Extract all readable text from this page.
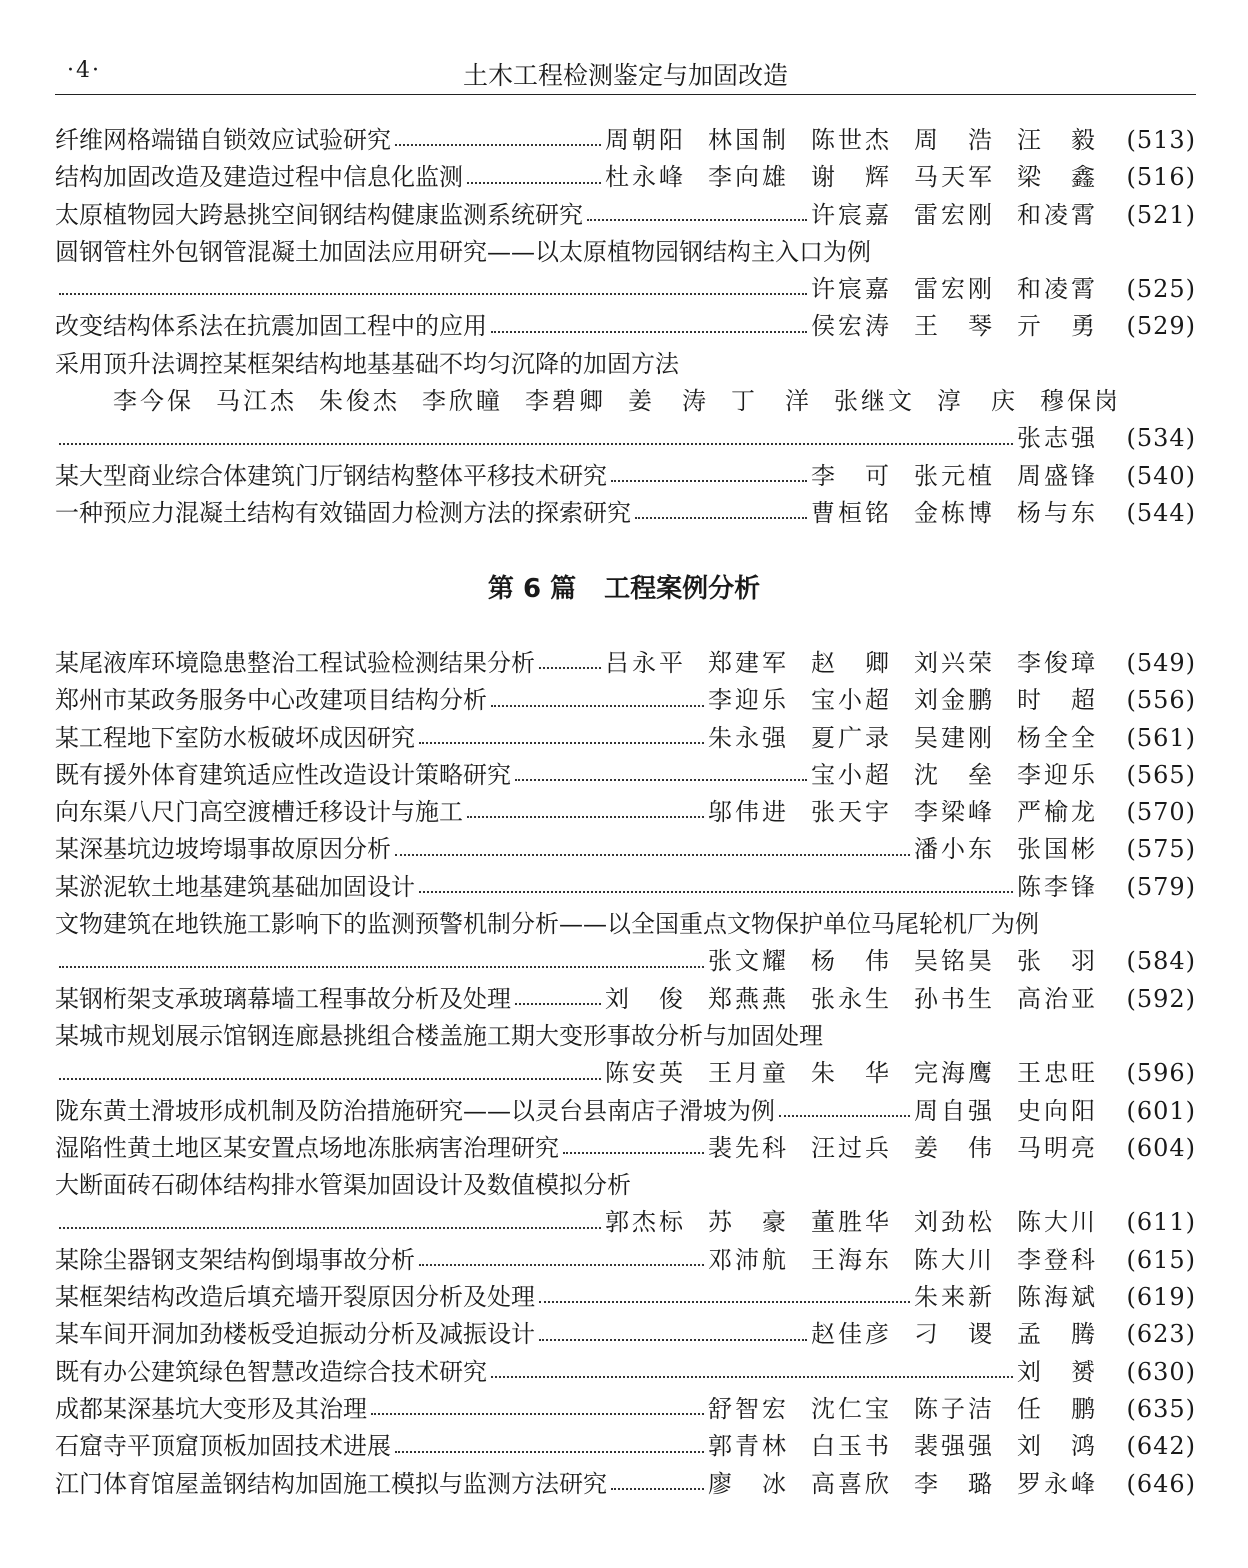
·4·	土木工程检测鉴定与加固改造
纤维网格端锚自锁效应试验研究	周朝阳 林国制 陈世杰 周　浩 汪　毅	(513)
结构加固改造及建造过程中信息化监测	杜永峰 李向雄 谢　辉 马天军 梁　鑫	(516)
太原植物园大跨悬挑空间钢结构健康监测系统研究	许宸嘉 雷宏刚 和凌霄	(521)
圆钢管柱外包钢管混凝土加固法应用研究——以太原植物园钢结构主入口为例
许宸嘉 雷宏刚 和凌霄	(525)
改变结构体系法在抗震加固工程中的应用	侯宏涛 王　琴 亓　勇	(529)
采用顶升法调控某框架结构地基基础不均匀沉降的加固方法
李今保 马江杰 朱俊杰 李欣瞳 李碧卿 姜　涛 丁　洋 张继文 淳　庆 穆保岗
张志强	(534)
某大型商业综合体建筑门厅钢结构整体平移技术研究	李　可 张元植 周盛锋	(540)
一种预应力混凝土结构有效锚固力检测方法的探索研究	曹桓铭 金栋博 杨与东	(544)
第 6 篇 工程案例分析
某尾液库环境隐患整治工程试验检测结果分析	吕永平 郑建军 赵　卿 刘兴荣 李俊璋	(549)
郑州市某政务服务中心改建项目结构分析	李迎乐 宝小超 刘金鹏 时　超	(556)
某工程地下室防水板破坏成因研究	朱永强 夏广录 吴建刚 杨全全	(561)
既有援外体育建筑适应性改造设计策略研究	宝小超 沈　垒 李迎乐	(565)
向东渠八尺门高空渡槽迁移设计与施工	邬伟进 张天宇 李梁峰 严榆龙	(570)
某深基坑边坡垮塌事故原因分析	潘小东 张国彬	(575)
某淤泥软土地基建筑基础加固设计	陈李锋	(579)
文物建筑在地铁施工影响下的监测预警机制分析——以全国重点文物保护单位马尾轮机厂为例
张文耀 杨　伟 吴铭昊 张　羽	(584)
某钢桁架支承玻璃幕墙工程事故分析及处理	刘　俊 郑燕燕 张永生 孙书生 高治亚	(592)
某城市规划展示馆钢连廊悬挑组合楼盖施工期大变形事故分析与加固处理
陈安英 王月童 朱　华 完海鹰 王忠旺	(596)
陇东黄土滑坡形成机制及防治措施研究——以灵台县南店子滑坡为例	周自强 史向阳	(601)
湿陷性黄土地区某安置点场地冻胀病害治理研究	裴先科 汪过兵 姜　伟 马明亮	(604)
大断面砖石砌体结构排水管渠加固设计及数值模拟分析
郭杰标 苏　豪 董胜华 刘劲松 陈大川	(611)
某除尘器钢支架结构倒塌事故分析	邓沛航 王海东 陈大川 李登科	(615)
某框架结构改造后填充墙开裂原因分析及处理	朱来新 陈海斌	(619)
某车间开洞加劲楼板受迫振动分析及减振设计	赵佳彦 刁　谡 孟　腾	(623)
既有办公建筑绿色智慧改造综合技术研究	刘　赟	(630)
成都某深基坑大变形及其治理	舒智宏 沈仁宝 陈子洁 任　鹏	(635)
石窟寺平顶窟顶板加固技术进展	郭青林 白玉书 裴强强 刘　鸿	(642)
江门体育馆屋盖钢结构加固施工模拟与监测方法研究	廖　冰 高喜欣 李　璐 罗永峰	(646)
